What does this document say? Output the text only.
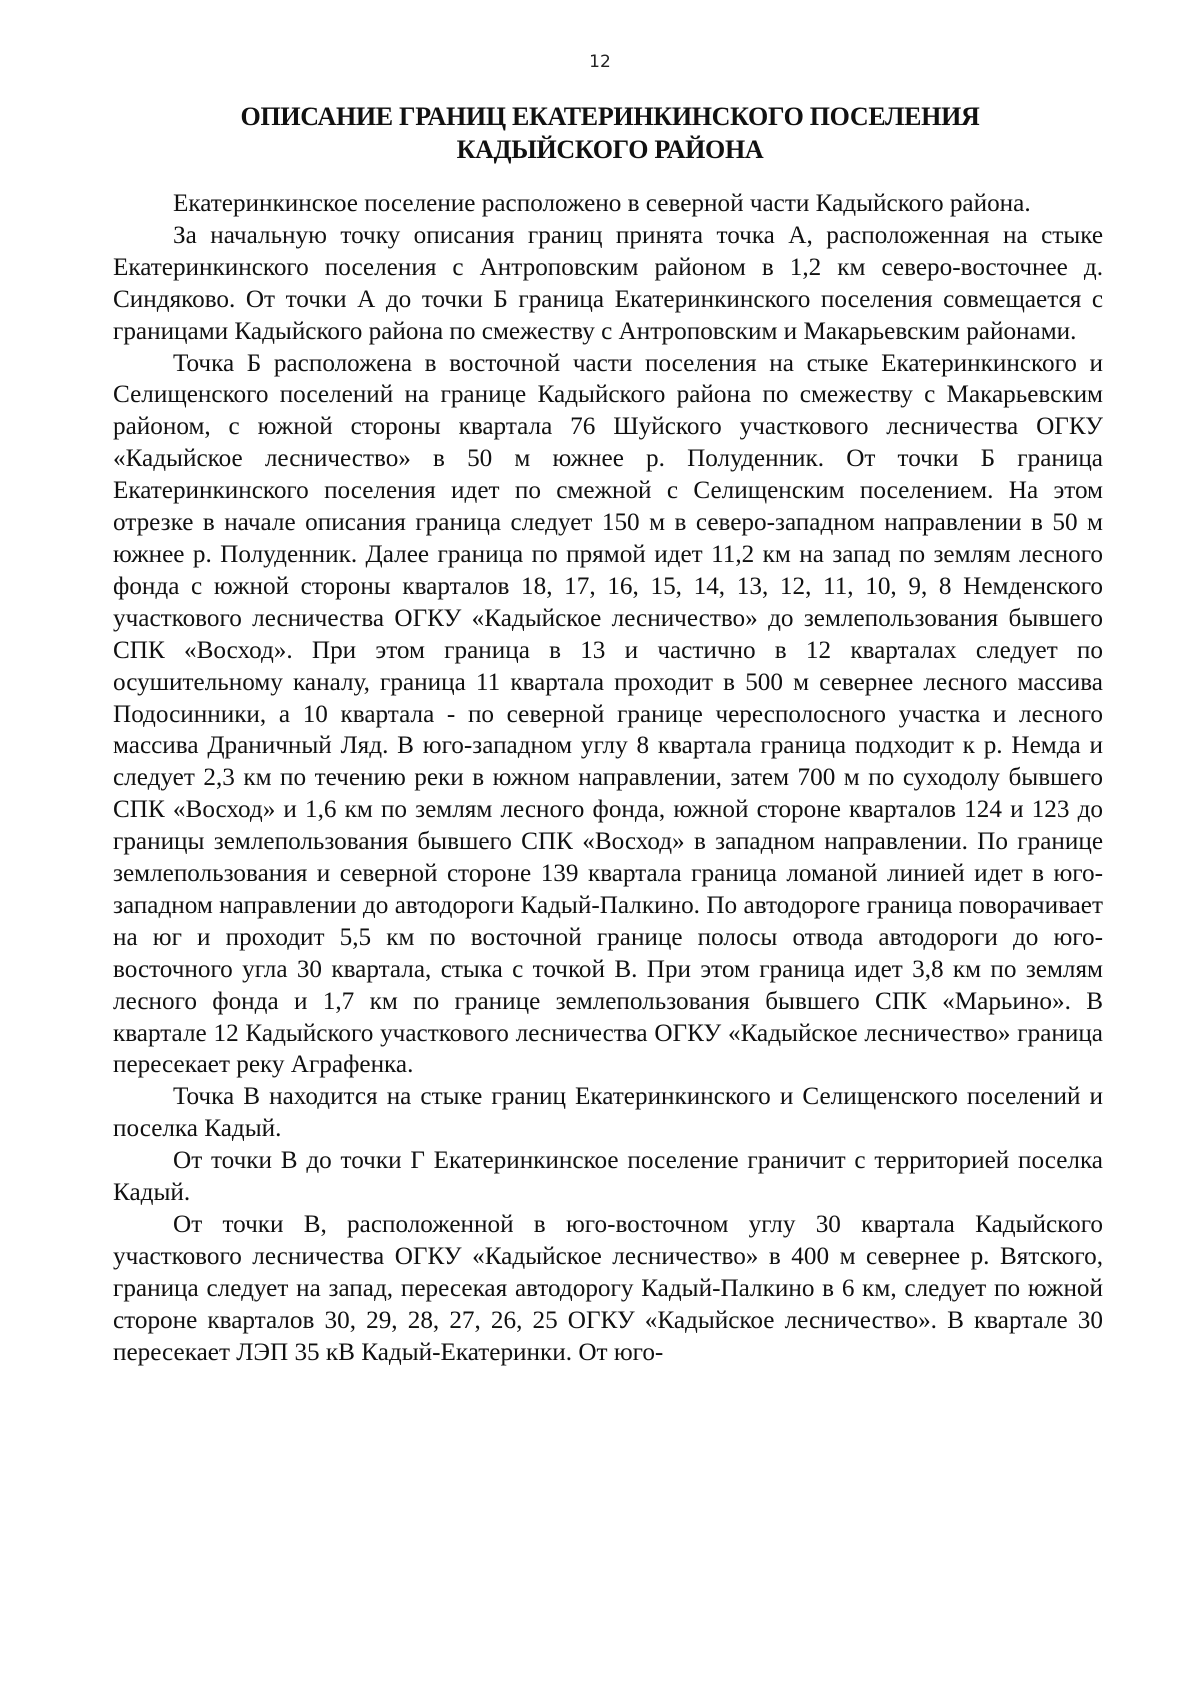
12
ОПИСАНИЕ ГРАНИЦ ЕКАТЕРИНКИНСКОГО ПОСЕЛЕНИЯ
КАДЫЙСКОГО РАЙОНА

Екатеринкинское поселение расположено в северной части Кадыйского района.

За начальную точку описания границ принята точка А, расположенная на стыке Екатеринкинского поселения с Антроповским районом в 1,2 км северо-восточнее д. Синдяково. От точки А до точки Б граница Екатеринкинского поселения совмещается с границами Кадыйского района по смежеству с Антроповским и Макарьевским районами.

Точка Б расположена в восточной части поселения на стыке Екатеринкинского и Селищенского поселений на границе Кадыйского района по смежеству с Макарьевским районом, с южной стороны квартала 76 Шуйского участкового лесничества ОГКУ «Кадыйское лесничество» в 50 м южнее р. Полуденник. От точки Б граница Екатеринкинского поселения идет по смежной с Селищенским поселением. На этом отрезке в начале описания граница следует 150 м в северо-западном направлении в 50 м южнее р. Полуденник. Далее граница по прямой идет 11,2 км на запад по землям лесного фонда с южной стороны кварталов 18, 17, 16, 15, 14, 13, 12, 11, 10, 9, 8 Немденского участкового лесничества ОГКУ «Кадыйское лесничество» до землепользования бывшего СПК «Восход». При этом граница в 13 и частично в 12 кварталах следует по осушительному каналу, граница 11 квартала проходит в 500 м севернее лесного массива Подосинники, а 10 квартала - по северной границе чересполосного участка и лесного массива Драничный Ляд. В юго-западном углу 8 квартала граница подходит к р. Немда и следует 2,3 км по течению реки в южном направлении, затем 700 м по суходолу бывшего СПК «Восход» и 1,6 км по землям лесного фонда, южной стороне кварталов 124 и 123 до границы землепользования бывшего СПК «Восход» в западном направлении. По границе землепользования и северной стороне 139 квартала граница ломаной линией идет в юго-западном направлении до автодороги Кадый-Палкино. По автодороге граница поворачивает на юг и проходит 5,5 км по восточной границе полосы отвода автодороги до юго-восточного угла 30 квартала, стыка с точкой В. При этом граница идет 3,8 км по землям лесного фонда и 1,7 км по границе землепользования бывшего СПК «Марьино». В квартале 12 Кадыйского участкового лесничества ОГКУ «Кадыйское лесничество» граница пересекает реку Аграфенка.

Точка В находится на стыке границ Екатеринкинского и Селищенского поселений и поселка Кадый.

От точки В до точки Г Екатеринкинское поселение граничит с территорией поселка Кадый.

От точки В, расположенной в юго-восточном углу 30 квартала Кадыйского участкового лесничества ОГКУ «Кадыйское лесничество» в 400 м севернее р. Вятского, граница следует на запад, пересекая автодорогу Кадый-Палкино в 6 км, следует по южной стороне кварталов 30, 29, 28, 27, 26, 25 ОГКУ «Кадыйское лесничество». В квартале 30 пересекает ЛЭП 35 кВ Кадый-Екатеринки. От юго-
